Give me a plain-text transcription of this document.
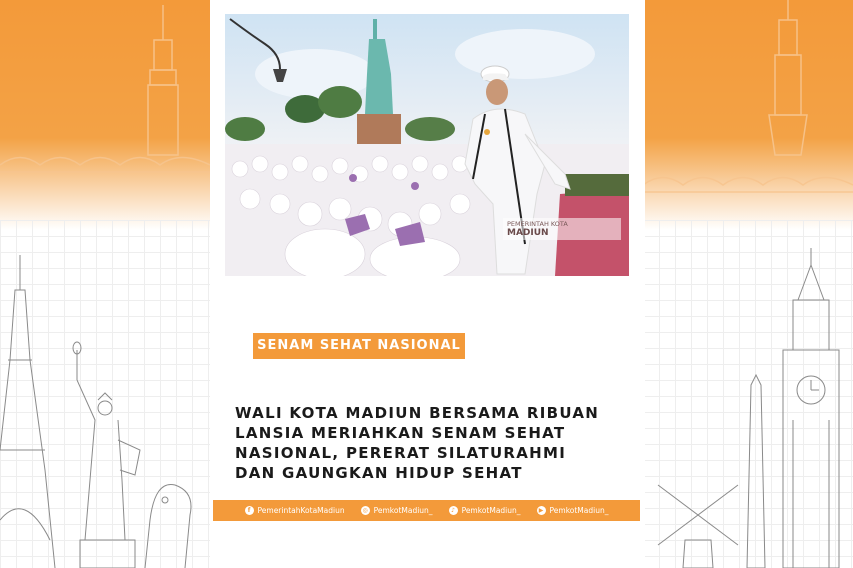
PEMERINTAH KOTA
MADIUN
SENAM SEHAT NASIONAL
WALI KOTA MADIUN BERSAMA RIBUAN
LANSIA MERIAHKAN SENAM SEHAT
NASIONAL, PERERAT SILATURAHMI
DAN GAUNGKAN HIDUP SEHAT
f PemerintahKotaMadiun	◎ PemkotMadiun_	♪ PemkotMadiun_	▶ PemkotMadiun_
